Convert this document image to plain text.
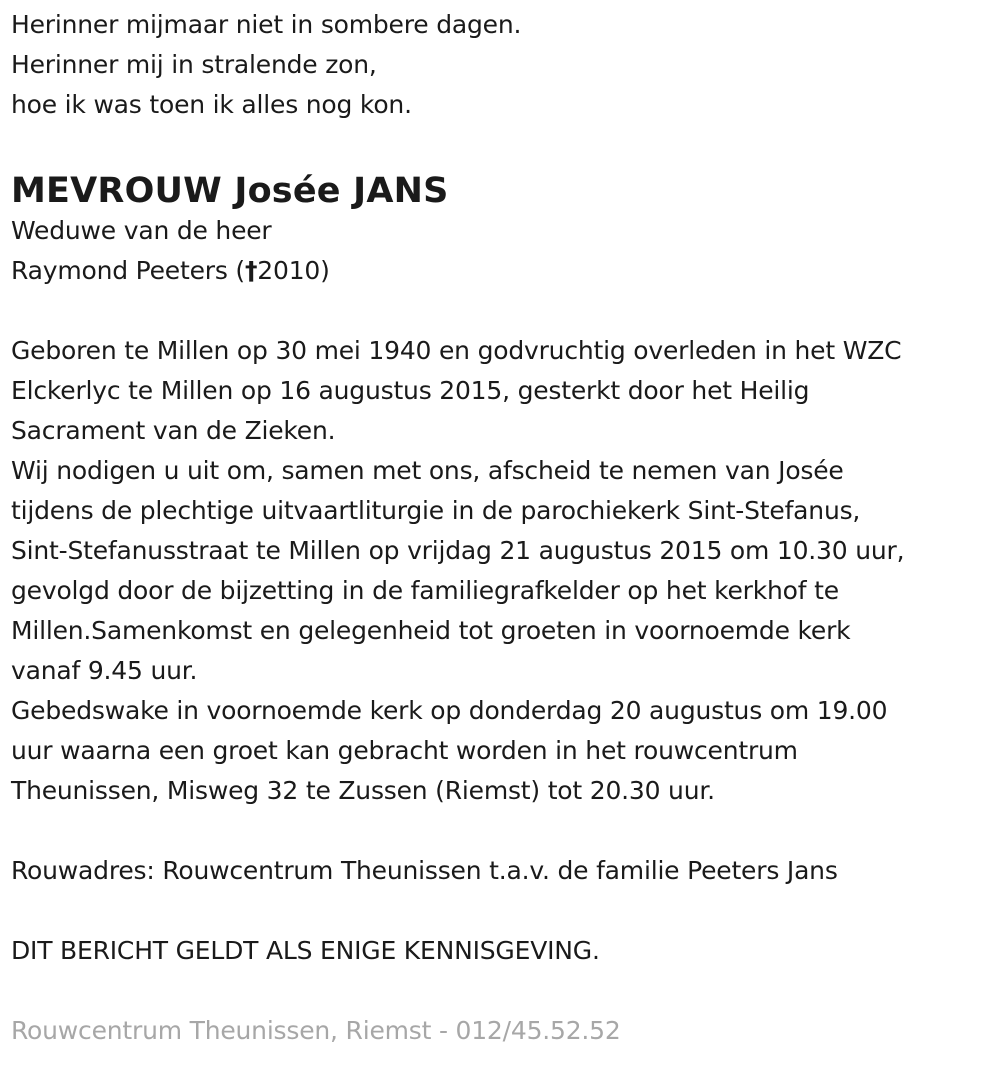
Herinner mijmaar niet in sombere dagen.
Herinner mij in stralende zon,
hoe ik was toen ik alles nog kon.
MEVROUW Josée JANS
Weduwe van de heer
Raymond Peeters (†2010)
Geboren te Millen op 30 mei 1940 en godvruchtig overleden in het WZC
Elckerlyc te Millen op 16 augustus 2015, gesterkt door het Heilig
Sacrament van de Zieken.
Wij nodigen u uit om, samen met ons, afscheid te nemen van Josée
tijdens de plechtige uitvaartliturgie in de parochiekerk Sint-Stefanus,
Sint-Stefanusstraat te Millen op vrijdag 21 augustus 2015 om 10.30 uur,
gevolgd door de bijzetting in de familiegrafkelder op het kerkhof te
Millen.Samenkomst en gelegenheid tot groeten in voornoemde kerk
vanaf 9.45 uur.
Gebedswake in voornoemde kerk op donderdag 20 augustus om 19.00
uur waarna een groet kan gebracht worden in het rouwcentrum
Theunissen, Misweg 32 te Zussen (Riemst) tot 20.30 uur.
Rouwadres: Rouwcentrum Theunissen t.a.v. de familie Peeters Jans
DIT BERICHT GELDT ALS ENIGE KENNISGEVING.
Rouwcentrum Theunissen, Riemst - 012/45.52.52
